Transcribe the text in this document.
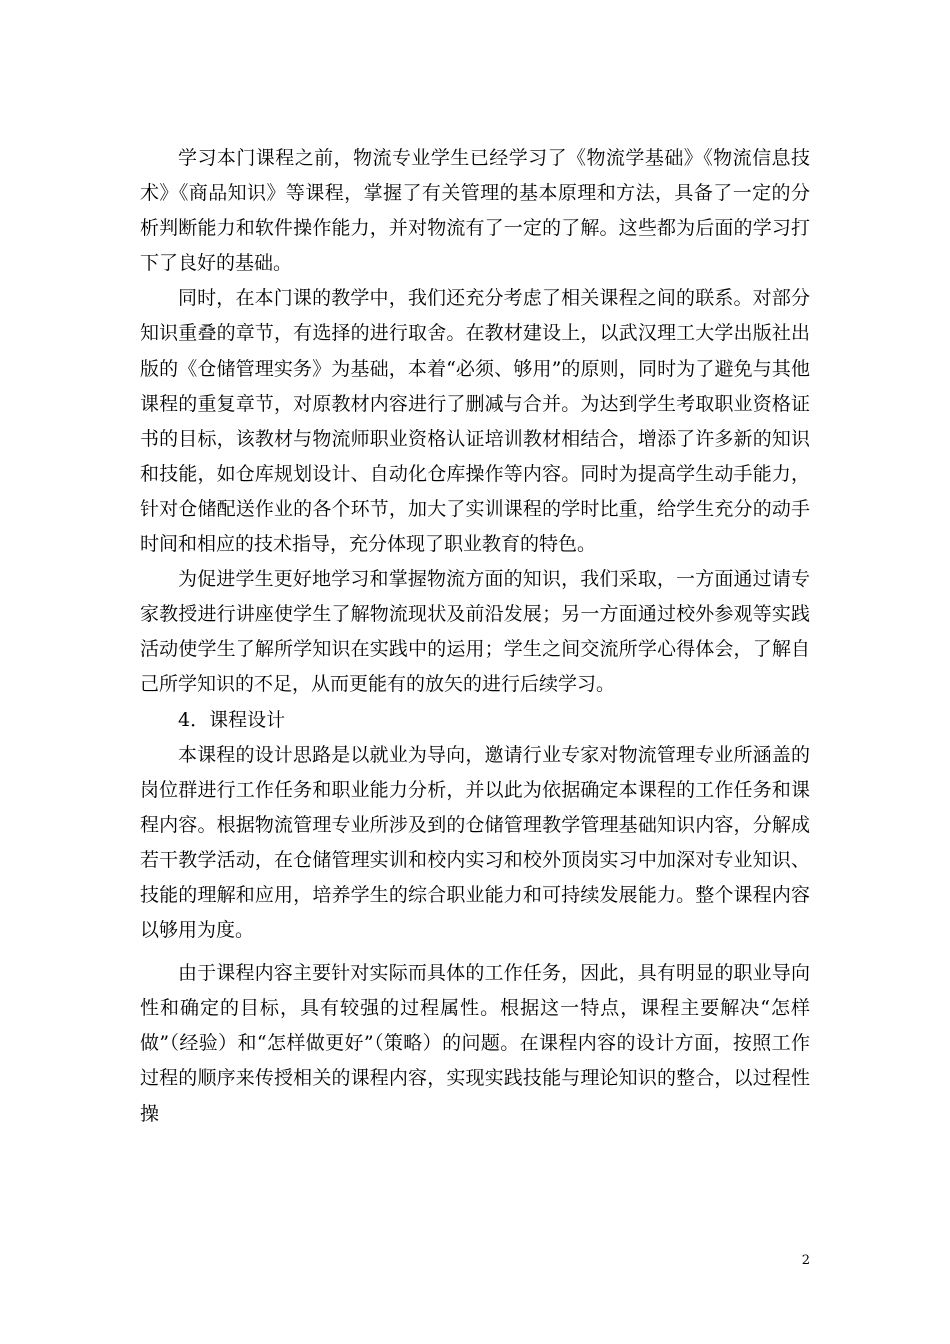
学习本门课程之前，物流专业学生已经学习了《物流学基础》《物流信息技术》《商品知识》等课程，掌握了有关管理的基本原理和方法，具备了一定的分析判断能力和软件操作能力，并对物流有了一定的了解。这些都为后面的学习打下了良好的基础。

同时，在本门课的教学中，我们还充分考虑了相关课程之间的联系。对部分知识重叠的章节，有选择的进行取舍。在教材建设上，以武汉理工大学出版社出版的《仓储管理实务》为基础，本着“必须、够用”的原则，同时为了避免与其他课程的重复章节，对原教材内容进行了删减与合并。为达到学生考取职业资格证书的目标，该教材与物流师职业资格认证培训教材相结合，增添了许多新的知识和技能，如仓库规划设计、自动化仓库操作等内容。同时为提高学生动手能力，针对仓储配送作业的各个环节，加大了实训课程的学时比重，给学生充分的动手时间和相应的技术指导，充分体现了职业教育的特色。

为促进学生更好地学习和掌握物流方面的知识，我们采取，一方面通过请专家教授进行讲座使学生了解物流现状及前沿发展；另一方面通过校外参观等实践活动使学生了解所学知识在实践中的运用；学生之间交流所学心得体会，了解自己所学知识的不足，从而更能有的放矢的进行后续学习。

4．课程设计

本课程的设计思路是以就业为导向，邀请行业专家对物流管理专业所涵盖的岗位群进行工作任务和职业能力分析，并以此为依据确定本课程的工作任务和课程内容。根据物流管理专业所涉及到的仓储管理教学管理基础知识内容，分解成若干教学活动，在仓储管理实训和校内实习和校外顶岗实习中加深对专业知识、技能的理解和应用，培养学生的综合职业能力和可持续发展能力。整个课程内容以够用为度。

由于课程内容主要针对实际而具体的工作任务，因此，具有明显的职业导向性和确定的目标，具有较强的过程属性。根据这一特点，课程主要解决“怎样做”（经验）和“怎样做更好”（策略）的问题。在课程内容的设计方面，按照工作过程的顺序来传授相关的课程内容，实现实践技能与理论知识的整合，以过程性操

2
